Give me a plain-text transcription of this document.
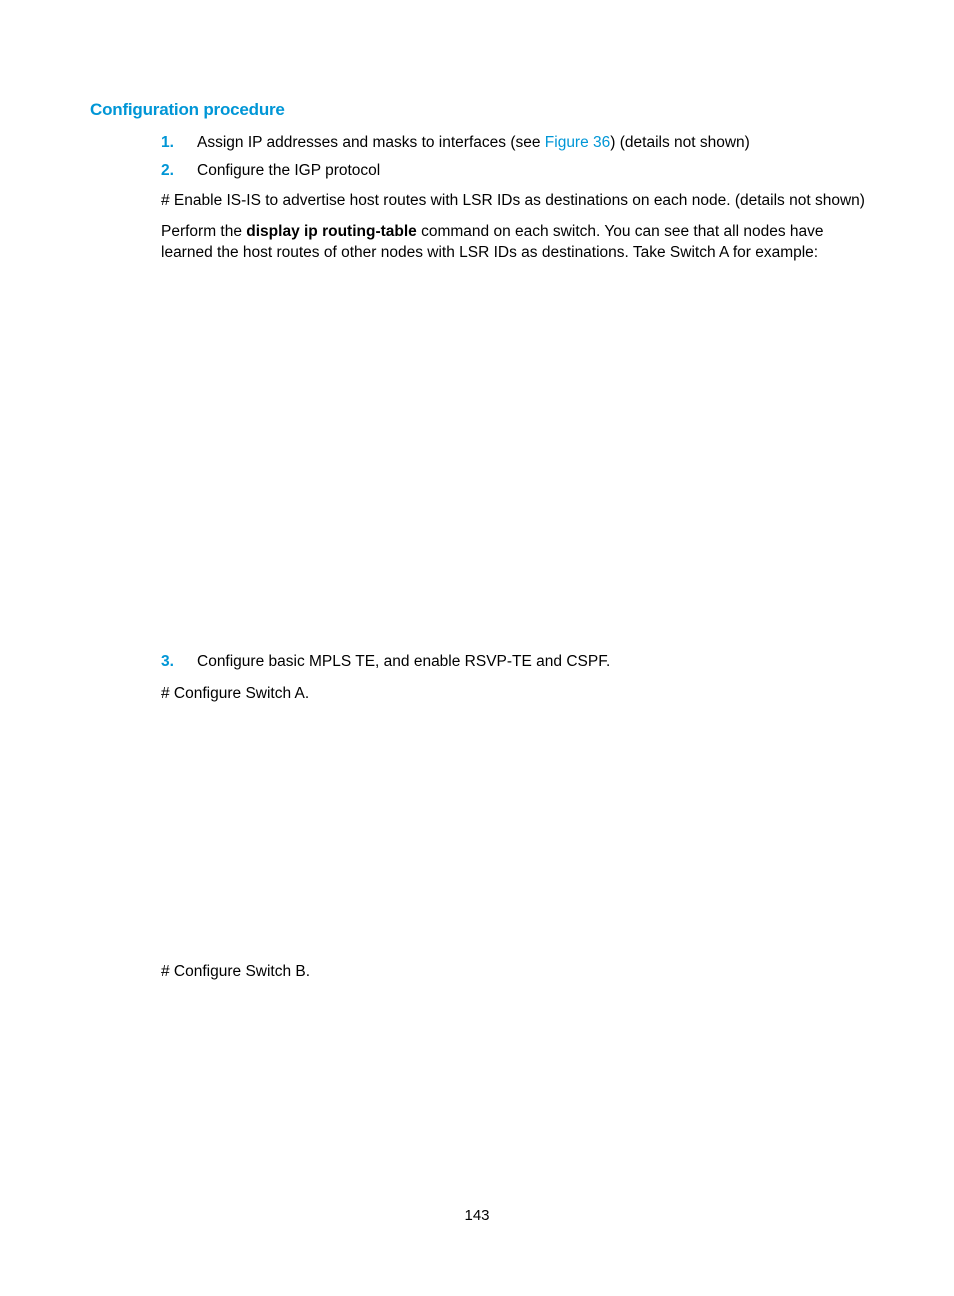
Configuration procedure
1. Assign IP addresses and masks to interfaces (see Figure 36) (details not shown)
2. Configure the IGP protocol

# Enable IS-IS to advertise host routes with LSR IDs as destinations on each node. (details not shown)

Perform the display ip routing-table command on each switch. You can see that all nodes have learned the host routes of other nodes with LSR IDs as destinations. Take Switch A for example:

3. Configure basic MPLS TE, and enable RSVP-TE and CSPF.

# Configure Switch A.

# Configure Switch B.

143
